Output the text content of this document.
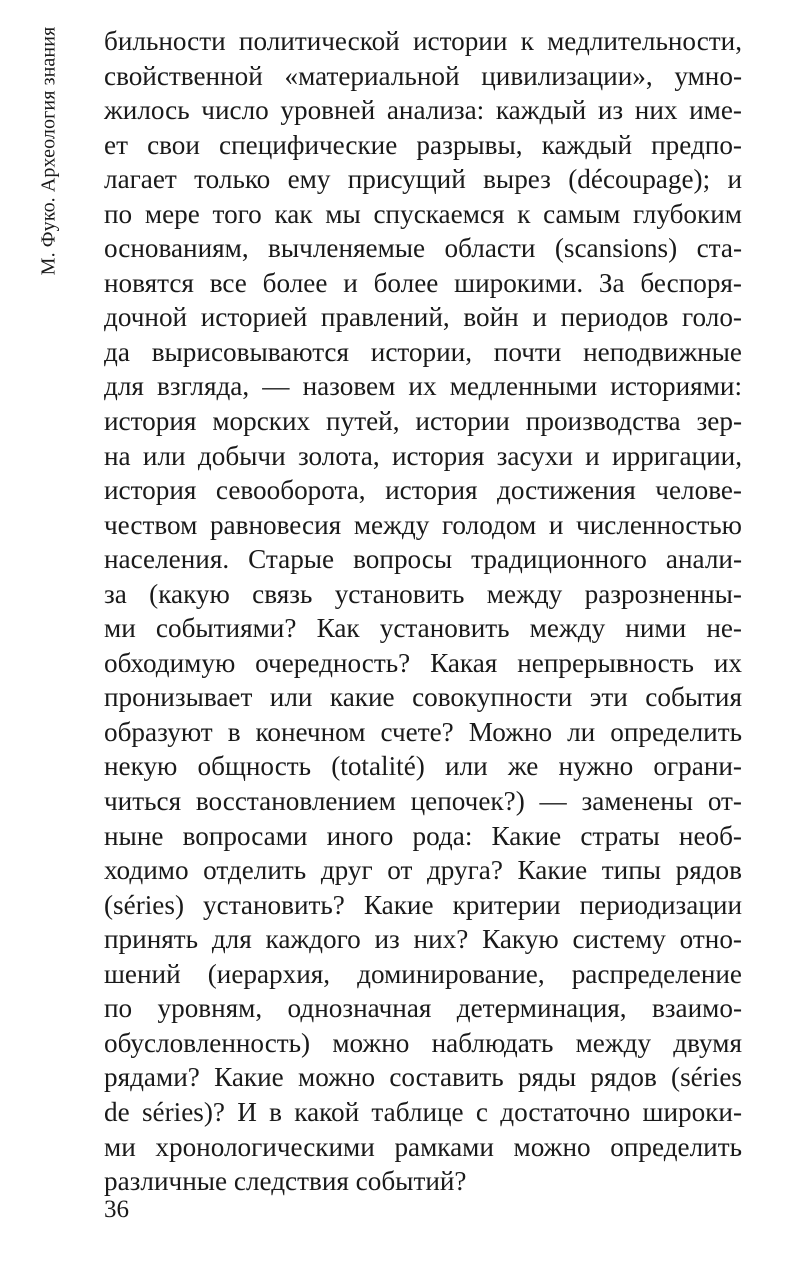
М. Фуко. Археология знания бильности политической истории к медлительности,
свойственной «материальной цивилизации», умно-
жилось число уровней анализа: каждый из них име-
ет свои специфические разрывы, каждый предпо-
лагает только ему присущий вырез (découpage); и
по мере того как мы спускаемся к самым глубоким
основаниям, вычленяемые области (scansions) ста-
новятся все более и более широкими. За беспоря-
дочной историей правлений, войн и периодов голо-
да вырисовываются истории, почти неподвижные
для взгляда, — назовем их медленными историями:
история морских путей, истории производства зер-
на или добычи золота, история засухи и ирригации,
история севооборота, история достижения челове-
чеством равновесия между голодом и численностью
населения. Старые вопросы традиционного анали-
за (какую связь установить между разрозненны-
ми событиями? Как установить между ними не-
обходимую очередность? Какая непрерывность их
пронизывает или какие совокупности эти события
образуют в конечном счете? Можно ли определить
некую общность (totalité) или же нужно ограни-
читься восстановлением цепочек?) — заменены от-
ныне вопросами иного рода: Какие страты необ-
ходимо отделить друг от друга? Какие типы рядов
(séries) установить? Какие критерии периодизации
принять для каждого из них? Какую систему отно-
шений (иерархия, доминирование, распределение
по уровням, однозначная детерминация, взаимо-
обусловленность) можно наблюдать между двумя
рядами? Какие можно составить ряды рядов (séries
de séries)? И в какой таблице с достаточно широки-
ми хронологическими рамками можно определить
различные следствия событий?
36
